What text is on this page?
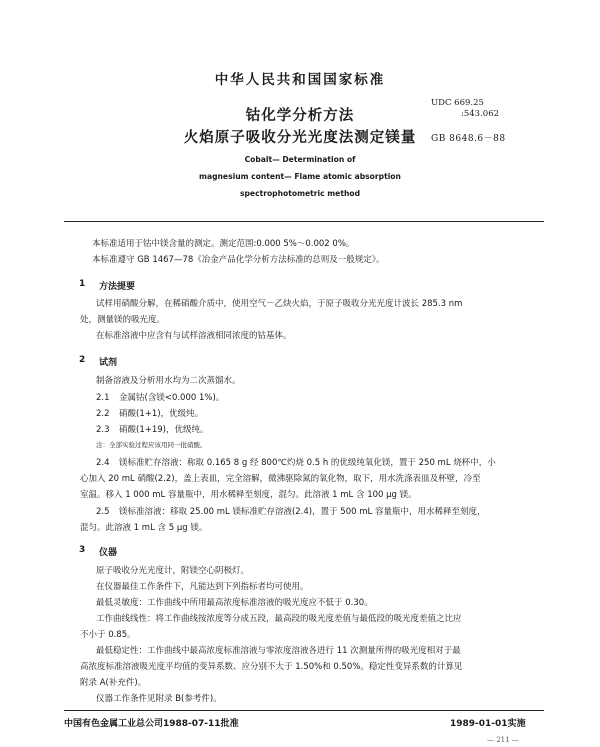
中华人民共和国国家标准
UDC 669.25
:543.062
钴化学分析方法
火焰原子吸收分光光度法测定镁量	GB 8648.6－88
Cobalt— Determination of
magnesium content— Flame atomic absorption
spectrophotometric method
本标准适用于钴中镁含量的测定。测定范围:0.000 5%～0.002 0%。
本标准遵守 GB 1467—78《冶金产品化学分析方法标准的总则及一般规定》。
1 方法提要
试样用硝酸分解，在稀硝酸介质中，使用空气－乙炔火焰，于原子吸收分光光度计波长 285.3 nm
处，测量镁的吸光度。
在标准溶液中应含有与试样溶液相同浓度的钴基体。
2 试剂
制备溶液及分析用水均为二次蒸馏水。
2.1 金属钴(含镁<0.000 1%)。
2.2 硝酸(1+1)，优级纯。
2.3 硝酸(1+19)，优级纯。
注：全部实验过程应该用同一批硝酸。
2.4 镁标准贮存溶液：称取 0.165 8 g 经 800℃灼烧 0.5 h 的优级纯氧化镁，置于 250 mL 烧杯中，小
心加入 20 mL 硝酸(2.2)，盖上表皿，完全溶解，微沸驱除氮的氧化物，取下，用水洗涤表皿及杯壁，冷至
室温。移入 1 000 mL 容量瓶中，用水稀释至刻度，混匀。此溶液 1 mL 含 100 μg 镁。
2.5 镁标准溶液：移取 25.00 mL 镁标准贮存溶液(2.4)，置于 500 mL 容量瓶中，用水稀释至刻度，
混匀。此溶液 1 mL 含 5 μg 镁。
3 仪器
原子吸收分光光度计，附镁空心阴极灯。
在仪器最佳工作条件下，凡能达到下列指标者均可使用。
最低灵敏度：工作曲线中所用最高浓度标准溶液的吸光度应不低于 0.30。
工作曲线线性：将工作曲线按浓度等分成五段，最高段的吸光度差值与最低段的吸光度差值之比应
不小于 0.85。
最低稳定性：工作曲线中最高浓度标准溶液与零浓度溶液各进行 11 次测量所得的吸光度相对于最
高浓度标准溶液吸光度平均值的变异系数、应分别不大于 1.50%和 0.50%。稳定性变异系数的计算见
附录 A(补充件)。
仪器工作条件见附录 B(参考件)。
中国有色金属工业总公司1988-07-11批准	1989-01-01实施
— 211 —
